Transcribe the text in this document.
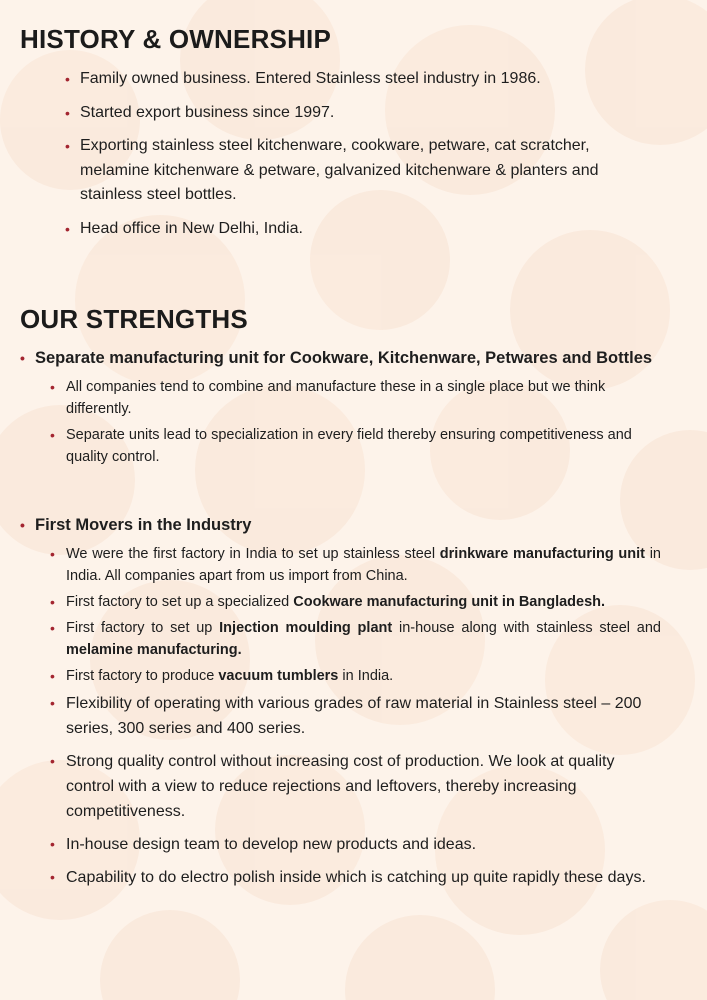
HISTORY & OWNERSHIP
• Family owned business. Entered Stainless steel industry in 1986.
• Started export business since 1997.
• Exporting stainless steel kitchenware, cookware, petware, cat scratcher, melamine kitchenware & petware, galvanized kitchenware & planters and stainless steel bottles.
• Head office in New Delhi, India.
OUR STRENGTHS
• Separate manufacturing unit for Cookware, Kitchenware, Petwares and Bottles
• All companies tend to combine and manufacture these in a single place but we think differently.
• Separate units lead to specialization in every field thereby ensuring competitiveness and quality control.
• First Movers in the Industry
• We were the first factory in India to set up stainless steel drinkware manufacturing unit in India. All companies apart from us import from China.
• First factory to set up a specialized Cookware manufacturing unit in Bangladesh.
• First factory to set up Injection moulding plant in-house along with stainless steel and melamine manufacturing.
• First factory to produce vacuum tumblers in India.
• Flexibility of operating with various grades of raw material in Stainless steel – 200 series, 300 series and 400 series.
• Strong quality control without increasing cost of production. We look at quality control with a view to reduce rejections and leftovers, thereby increasing competitiveness.
• In-house design team to develop new products and ideas.
• Capability to do electro polish inside which is catching up quite rapidly these days.
